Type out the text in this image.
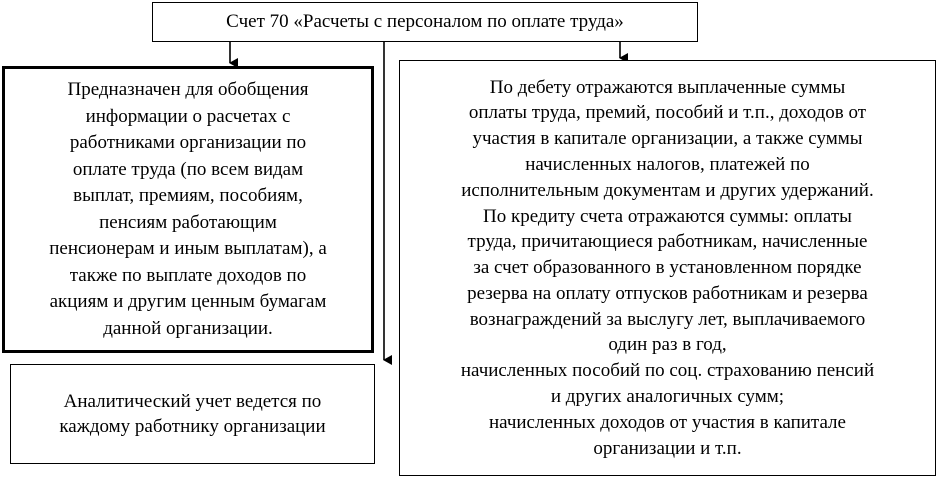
Счет 70 «Расчеты с персоналом по оплате труда»

Предназначен для обобщения
информации о расчетах с
работниками организации по
оплате труда (по всем видам
выплат, премиям, пособиям,
пенсиям работающим
пенсионерам и иным выплатам), а
также по выплате доходов по
акциям и другим ценным бумагам
данной организации.
Аналитический учет ведется по
каждому работнику организации
По дебету отражаются выплаченные суммы
оплаты труда, премий, пособий и т.п., доходов от
участия в капитале организации, а также суммы
начисленных налогов, платежей по
исполнительным документам и других удержаний.
По кредиту счета отражаются суммы: оплаты
труда, причитающиеся работникам, начисленные
за счет образованного в установленном порядке
резерва на оплату отпусков работникам и резерва
вознаграждений за выслугу лет, выплачиваемого
один раз в год,
начисленных пособий по соц. страхованию пенсий
и других аналогичных сумм;
начисленных доходов от участия в капитале
организации и т.п.
